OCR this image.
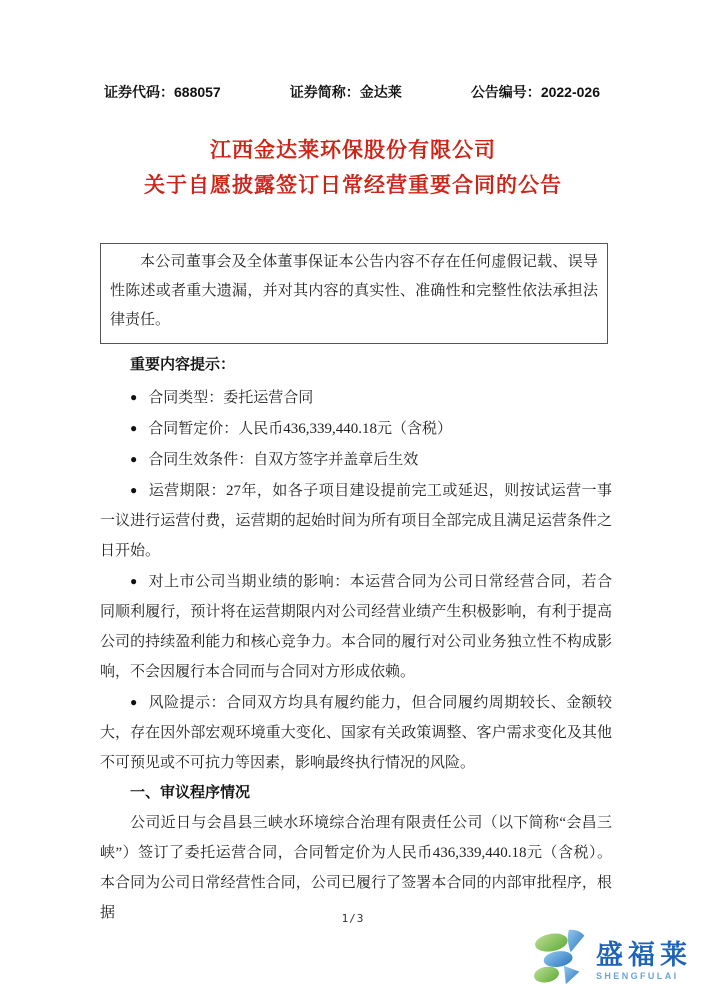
证券代码：688057	证券简称：金达莱	公告编号：2022-026
江西金达莱环保股份有限公司
关于自愿披露签订日常经营重要合同的公告

本公司董事会及全体董事保证本公告内容不存在任何虚假记载、误导性陈述或者重大遗漏，并对其内容的真实性、准确性和完整性依法承担法律责任。

重要内容提示：

● 合同类型：委托运营合同

● 合同暂定价：人民币436,339,440.18元（含税）

● 合同生效条件：自双方签字并盖章后生效

● 运营期限：27年，如各子项目建设提前完工或延迟，则按试运营一事一议进行运营付费，运营期的起始时间为所有项目全部完成且满足运营条件之日开始。

● 对上市公司当期业绩的影响：本运营合同为公司日常经营合同，若合同顺利履行，预计将在运营期限内对公司经营业绩产生积极影响，有利于提高公司的持续盈利能力和核心竞争力。本合同的履行对公司业务独立性不构成影响，不会因履行本合同而与合同对方形成依赖。

● 风险提示：合同双方均具有履约能力，但合同履约周期较长、金额较大，存在因外部宏观环境重大变化、国家有关政策调整、客户需求变化及其他不可预见或不可抗力等因素，影响最终执行情况的风险。

一、审议程序情况

公司近日与会昌县三峡水环境综合治理有限责任公司（以下简称“会昌三峡”）签订了委托运营合同，合同暂定价为人民币436,339,440.18元（含税）。本合同为公司日常经营性合同，公司已履行了签署本合同的内部审批程序，根据	1/3
盛福莱
SHENGFULAI
